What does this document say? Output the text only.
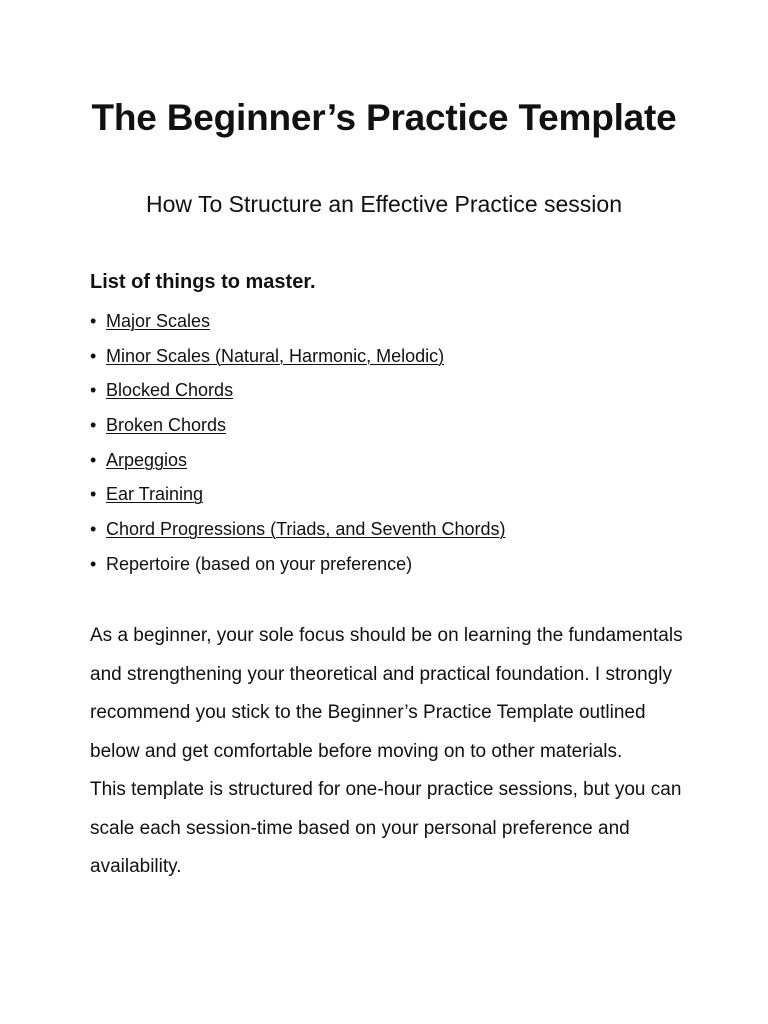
The Beginner’s Practice Template
How To Structure an Effective Practice session
List of things to master.
• Major Scales
• Minor Scales (Natural, Harmonic, Melodic)
• Blocked Chords
• Broken Chords
• Arpeggios
• Ear Training
• Chord Progressions (Triads, and Seventh Chords)
• Repertoire (based on your preference)

As a beginner, your sole focus should be on learning the fundamentals and strengthening your theoretical and practical foundation. I strongly recommend you stick to the Beginner’s Practice Template outlined below and get comfortable before moving on to other materials.

This template is structured for one-hour practice sessions, but you can scale each session-time based on your personal preference and availability.
